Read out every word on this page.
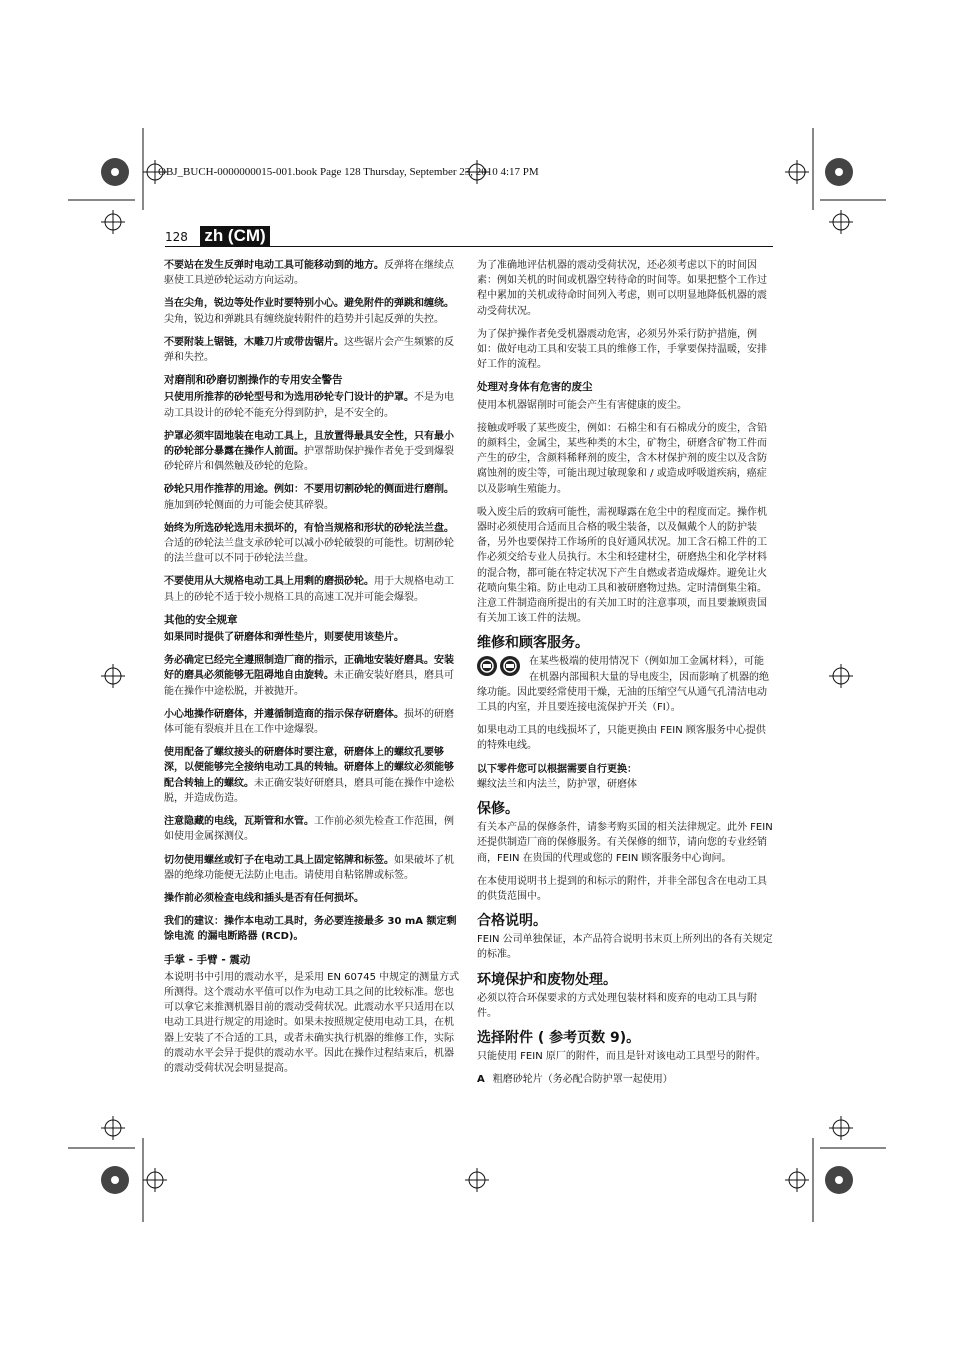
OBJ_BUCH-0000000015-001.book Page 128 Thursday, September 23, 2010 4:17 PM
128 zh (CM)

不要站在发生反弹时电动工具可能移动到的地方。反弹将在继续点驱使工具逆砂轮运动方向运动。

当在尖角，锐边等处作业时要特别小心。避免附件的弹跳和缠绕。尖角，锐边和弹跳具有缠绕旋转附件的趋势并引起反弹的失控。

不要附装上锯链，木雕刀片或带齿锯片。这些锯片会产生频繁的反弹和失控。

对磨削和砂磨切割操作的专用安全警告

只使用所推荐的砂轮型号和为选用砂轮专门设计的护罩。不是为电动工具设计的砂轮不能充分得到防护，是不安全的。

护罩必须牢固地装在电动工具上，且放置得最具安全性，只有最小的砂轮部分暴露在操作人前面。护罩帮助保护操作者免于受到爆裂砂轮碎片和偶然触及砂轮的危险。

砂轮只用作推荐的用途。例如：不要用切割砂轮的侧面进行磨削。施加到砂轮侧面的力可能会使其碎裂。

始终为所选砂轮选用未损坏的，有恰当规格和形状的砂轮法兰盘。合适的砂轮法兰盘支承砂轮可以减小砂轮破裂的可能性。切割砂轮的法兰盘可以不同于砂轮法兰盘。

不要使用从大规格电动工具上用剩的磨损砂轮。用于大规格电动工具上的砂轮不适于较小规格工具的高速工况并可能会爆裂。

其他的安全规章

如果同时提供了研磨体和弹性垫片，则要使用该垫片。

务必确定已经完全遵照制造厂商的指示，正确地安装好磨具。安装好的磨具必须能够无阻碍地自由旋转。未正确安装好磨具，磨具可能在操作中途松脱，并被抛开。

小心地操作研磨体，并遵循制造商的指示保存研磨体。损坏的研磨体可能有裂痕并且在工作中途爆裂。

使用配备了螺纹接头的研磨体时要注意，研磨体上的螺纹孔要够深，以便能够完全接纳电动工具的转轴。研磨体上的螺纹必须能够配合转轴上的螺纹。未正确安装好研磨具，磨具可能在操作中途松脱，并造成伤造。

注意隐藏的电线，瓦斯管和水管。工作前必须先检查工作范围，例如使用金属探测仪。

切勿使用螺丝或钉子在电动工具上固定铭牌和标签。如果破坏了机器的绝缘功能便无法防止电击。请使用自粘铭牌或标签。

操作前必须检查电线和插头是否有任何损坏。

我们的建议：操作本电动工具时，务必要连接最多 30 mA 额定剩馀电流 的漏电断路器 (RCD)。

手掌 - 手臂 - 震动

本说明书中引用的震动水平，是采用 EN 60745 中规定的测量方式所测得。这个震动水平值可以作为电动工具之间的比较标准。您也可以拿它来推测机器目前的震动受荷状况。此震动水平只适用在以电动工具进行规定的用途时。如果未按照规定使用电动工具，在机器上安装了不合适的工具，或者未确实执行机器的维修工作，实际的震动水平会异于提供的震动水平。因此在操作过程结束后，机器的震动受荷状况会明显提高。

为了准确地评估机器的震动受荷状况，还必须考虑以下的时间因素：例如关机的时间或机器空转待命的时间等。如果把整个工作过程中累加的关机或待命时间列入考虑，则可以明显地降低机器的震动受荷状况。

为了保护操作者免受机器震动危害，必须另外采行防护措施，例如：做好电动工具和安装工具的维修工作，手掌要保持温暖，安排好工作的流程。

处理对身体有危害的废尘

使用本机器锯削时可能会产生有害健康的废尘。

接触或呼吸了某些废尘，例如：石棉尘和有石棉成分的废尘，含铅的颜料尘，金属尘，某些种类的木尘，矿物尘，研磨含矿物工件而产生的矽尘，含颜料稀释剂的废尘，含木材保护剂的废尘以及含防腐蚀剂的废尘等，可能出现过敏现象和 / 或造成呼吸道疾病，癌症以及影响生殖能力。

吸入废尘后的致病可能性，需视曝露在危尘中的程度而定。操作机器时必须使用合适而且合格的吸尘装备，以及佩戴个人的防护装备，另外也要保持工作场所的良好通风状况。加工含石棉工件的工作必须交给专业人员执行。木尘和轻建材尘，研磨热尘和化学材料的混合物，都可能在特定状况下产生自燃或者造成爆炸。避免让火花喷向集尘箱。防止电动工具和被研磨物过热。定时清倒集尘箱。注意工件制造商所提出的有关加工时的注意事项，而且要兼顾贵国有关加工该工件的法规。

维修和顾客服务。

在某些极端的使用情况下（例如加工金属材料），可能在机器内部囤积大量的导电废尘，因而影响了机器的绝缘功能。因此要经常使用干燥，无油的压缩空气从通气孔清洁电动工具的内室，并且要连接电流保护开关（FI）。

如果电动工具的电线损坏了，只能更换由 FEIN 顾客服务中心提供的特殊电线。

以下零件您可以根据需要自行更换：
螺纹法兰和内法兰，防护罩，研磨体

保修。

有关本产品的保修条件，请参考购买国的相关法律规定。此外 FEIN 还提供制造厂商的保修服务。有关保修的细节，请向您的专业经销商，FEIN 在贵国的代理或您的 FEIN 顾客服务中心询问。

在本使用说明书上提到的和标示的附件，并非全部包含在电动工具的供货范围中。

合格说明。

FEIN 公司单独保证，本产品符合说明书末页上所列出的各有关规定的标准。

环境保护和废物处理。

必须以符合环保要求的方式处理包装材料和废弃的电动工具与附件。

选择附件 ( 参考页数 9)。

只能使用 FEIN 原厂的附件，而且是针对该电动工具型号的附件。

A 粗磨砂轮片（务必配合防护罩一起使用）
